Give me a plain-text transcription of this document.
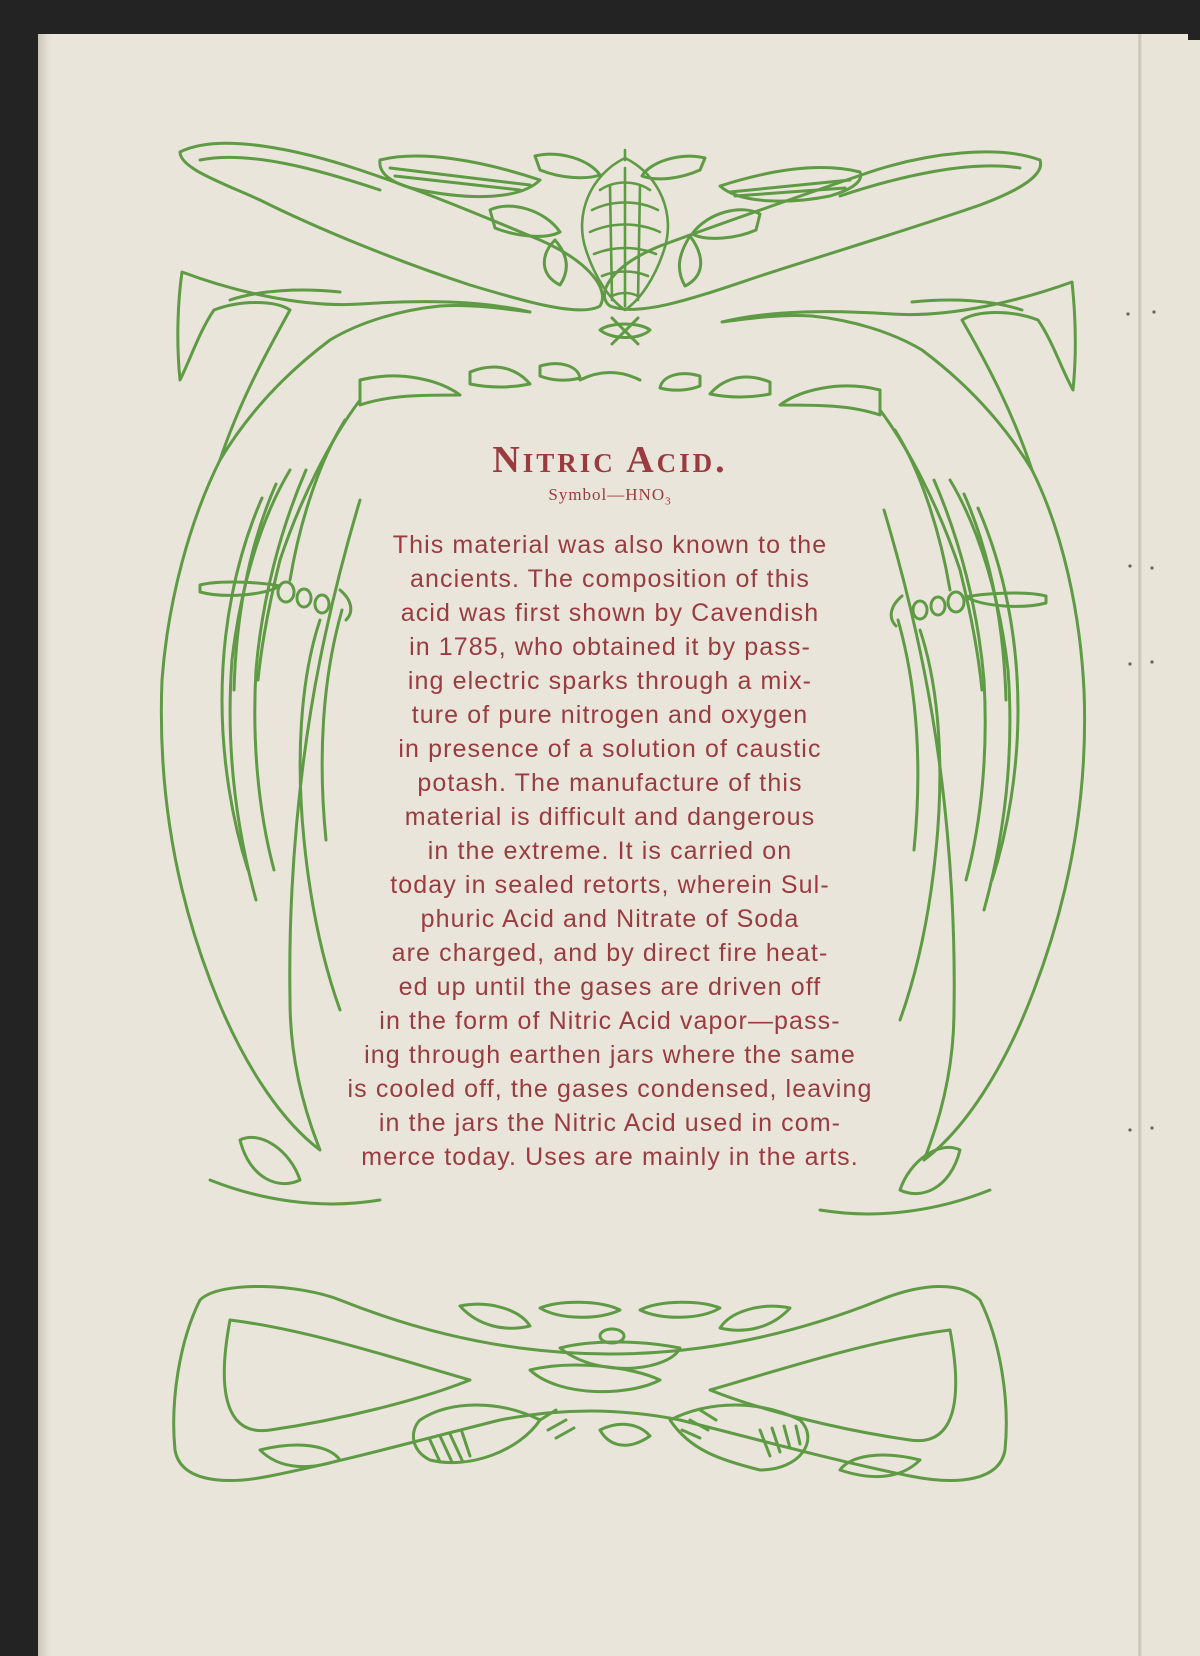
Nitric Acid.
$Symbol—HNO_3$
This material was also known to the
ancients. The composition of this
acid was first shown by Cavendish
in 1785, who obtained it by pass-
ing electric sparks through a mix-
ture of pure nitrogen and oxygen
in presence of a solution of caustic
potash. The manufacture of this
material is difficult and dangerous
in the extreme. It is carried on
today in sealed retorts, wherein Sul-
phuric Acid and Nitrate of Soda
are charged, and by direct fire heat-
ed up until the gases are driven off
in the form of Nitric Acid vapor—pass-
ing through earthen jars where the same
is cooled off, the gases condensed, leaving
in the jars the Nitric Acid used in com-
merce today. Uses are mainly in the arts.
